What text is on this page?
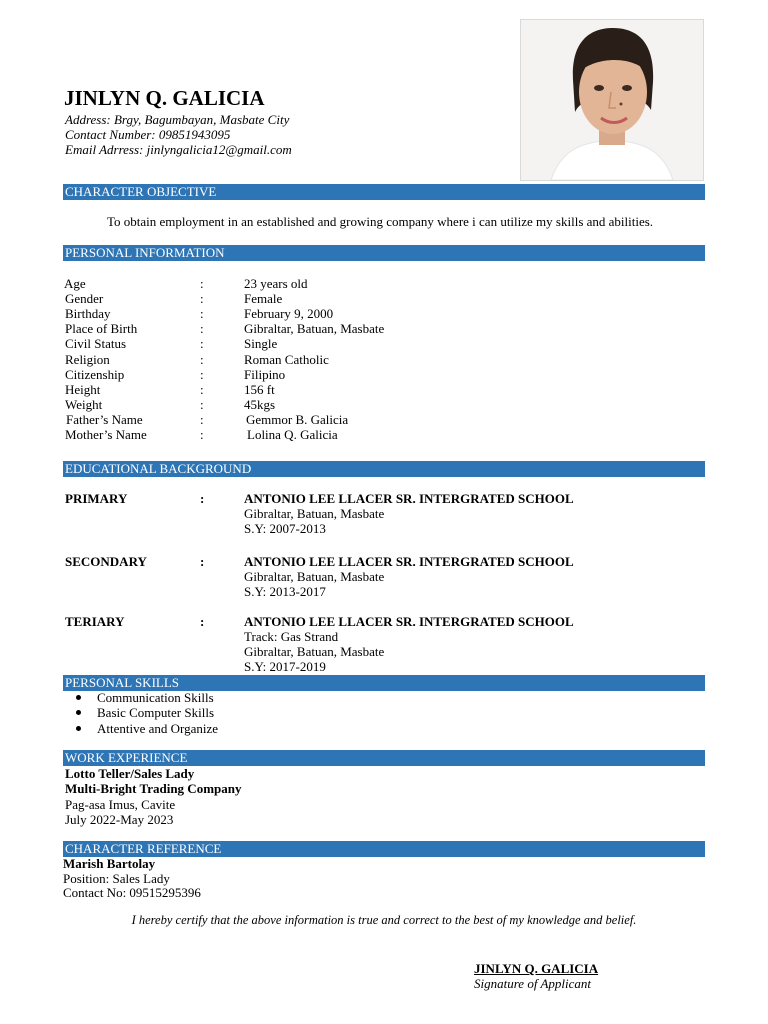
JINLYN Q. GALICIA
Address: Brgy, Bagumbayan, Masbate City
Contact Number: 09851943095
Email Adrress: jinlyngalicia12@gmail.com
CHARACTER OBJECTIVE
To obtain employment in an established and growing company where i can utilize my skills and abilities.
PERSONAL INFORMATION
Age	:	23 years old
Gender	:	Female
Birthday	:	February 9, 2000
Place of Birth	:	Gibraltar, Batuan, Masbate
Civil Status	:	Single
Religion	:	Roman Catholic
Citizenship	:	Filipino
Height	:	156 ft
Weight	:	45kgs
Father’s Name	:	Gemmor B. Galicia
Mother’s Name	:	Lolina Q. Galicia
EDUCATIONAL BACKGROUND
PRIMARY	:	ANTONIO LEE LLACER SR. INTERGRATED SCHOOL
Gibraltar, Batuan, Masbate
S.Y: 2007-2013
SECONDARY	:	ANTONIO LEE LLACER SR. INTERGRATED SCHOOL
Gibraltar, Batuan, Masbate
S.Y: 2013-2017
TERIARY	:	ANTONIO LEE LLACER SR. INTERGRATED SCHOOL
Track: Gas Strand
Gibraltar, Batuan, Masbate
S.Y: 2017-2019
PERSONAL SKILLS
Communication Skills
Basic Computer Skills
Attentive and Organize
WORK EXPERIENCE
Lotto Teller/Sales Lady
Multi-Bright Trading Company
Pag-asa Imus, Cavite
July 2022-May 2023
CHARACTER REFERENCE
Marish Bartolay
Position: Sales Lady
Contact No: 09515295396
I hereby certify that the above information is true and correct to the best of my knowledge and belief.
JINLYN Q. GALICIA
Signature of Applicant
